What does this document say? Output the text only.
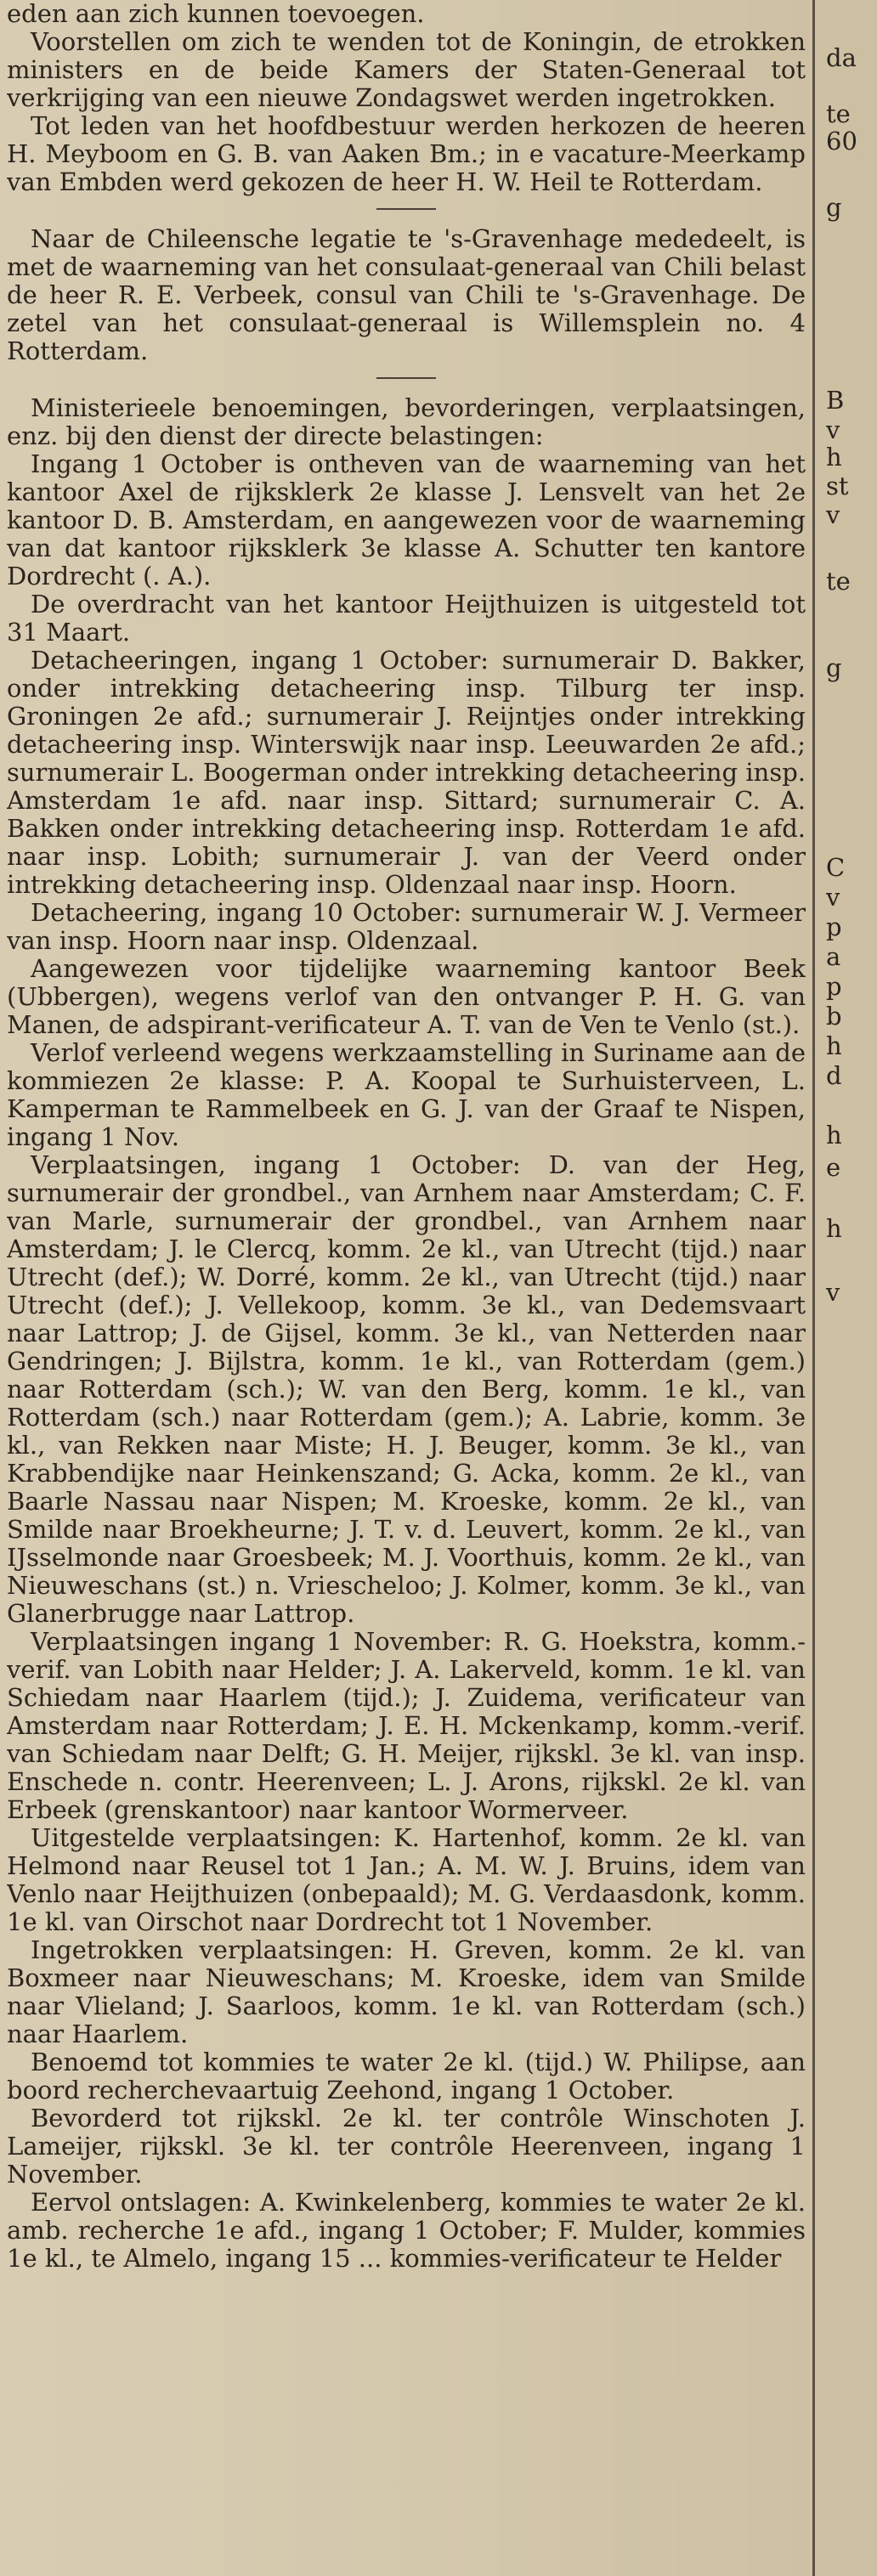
eden aan zich kunnen toevoegen.

Voorstellen om zich te wenden tot de Koningin, de etrokken ministers en de beide Kamers der Staten-Generaal tot verkrijging van een nieuwe Zondagswet werden ingetrokken.

Tot leden van het hoofdbestuur werden herkozen de heeren H. Meyboom en G. B. van Aaken Bm.; in e vacature-Meerkamp van Embden werd gekozen de heer H. W. Heil te Rotterdam.

Naar de Chileensche legatie te 's-Gravenhage mededeelt, is met de waarneming van het consulaat-generaal van Chili belast de heer R. E. Verbeek, consul van Chili te 's-Gravenhage. De zetel van het consulaat-generaal is Willemsplein no. 4 Rotterdam.

Ministerieele benoemingen, bevorderingen, verplaatsingen, enz. bij den dienst der directe belastingen:

Ingang 1 October is ontheven van de waarneming van het kantoor Axel de rijksklerk 2e klasse J. Lensvelt van het 2e kantoor D. B. Amsterdam, en aangewezen voor de waarneming van dat kantoor rijksklerk 3e klasse A. Schutter ten kantore Dordrecht (. A.).

De overdracht van het kantoor Heijthuizen is uitgesteld tot 31 Maart.

Detacheeringen, ingang 1 October: surnumerair D. Bakker, onder intrekking detacheering insp. Tilburg ter insp. Groningen 2e afd.; surnumerair J. Reijntjes onder intrekking detacheering insp. Winterswijk naar insp. Leeuwarden 2e afd.; surnumerair L. Boogerman onder intrekking detacheering insp. Amsterdam 1e afd. naar insp. Sittard; surnumerair C. A. Bakken onder intrekking detacheering insp. Rotterdam 1e afd. naar insp. Lobith; surnumerair J. van der Veerd onder intrekking detacheering insp. Oldenzaal naar insp. Hoorn.

Detacheering, ingang 10 October: surnumerair W. J. Vermeer van insp. Hoorn naar insp. Oldenzaal.

Aangewezen voor tijdelijke waarneming kantoor Beek (Ubbergen), wegens verlof van den ontvanger P. H. G. van Manen, de adspirant-verificateur A. T. van de Ven te Venlo (st.).

Verlof verleend wegens werkzaamstelling in Suriname aan de kommiezen 2e klasse: P. A. Koopal te Surhuisterveen, L. Kamperman te Rammelbeek en G. J. van der Graaf te Nispen, ingang 1 Nov.

Verplaatsingen, ingang 1 October: D. van der Heg, surnumerair der grondbel., van Arnhem naar Amsterdam; C. F. van Marle, surnumerair der grondbel., van Arnhem naar Amsterdam; J. le Clercq, komm. 2e kl., van Utrecht (tijd.) naar Utrecht (def.); W. Dorré, komm. 2e kl., van Utrecht (tijd.) naar Utrecht (def.); J. Vellekoop, komm. 3e kl., van Dedemsvaart naar Lattrop; J. de Gijsel, komm. 3e kl., van Netterden naar Gendringen; J. Bijlstra, komm. 1e kl., van Rotterdam (gem.) naar Rotterdam (sch.); W. van den Berg, komm. 1e kl., van Rotterdam (sch.) naar Rotterdam (gem.); A. Labrie, komm. 3e kl., van Rekken naar Miste; H. J. Beuger, komm. 3e kl., van Krabbendijke naar Heinkenszand; G. Acka, komm. 2e kl., van Baarle Nassau naar Nispen; M. Kroeske, komm. 2e kl., van Smilde naar Broekheurne; J. T. v. d. Leuvert, komm. 2e kl., van IJsselmonde naar Groesbeek; M. J. Voorthuis, komm. 2e kl., van Nieuweschans (st.) n. Vriescheloo; J. Kolmer, komm. 3e kl., van Glanerbrugge naar Lattrop.

Verplaatsingen ingang 1 November: R. G. Hoekstra, komm.-verif. van Lobith naar Helder; J. A. Lakerveld, komm. 1e kl. van Schiedam naar Haarlem (tijd.); J. Zuidema, verificateur van Amsterdam naar Rotterdam; J. E. H. Mckenkamp, komm.-verif. van Schiedam naar Delft; G. H. Meijer, rijkskl. 3e kl. van insp. Enschede n. contr. Heerenveen; L. J. Arons, rijkskl. 2e kl. van Erbeek (grenskantoor) naar kantoor Wormerveer.

Uitgestelde verplaatsingen: K. Hartenhof, komm. 2e kl. van Helmond naar Reusel tot 1 Jan.; A. M. W. J. Bruins, idem van Venlo naar Heijthuizen (onbepaald); M. G. Verdaasdonk, komm. 1e kl. van Oirschot naar Dordrecht tot 1 November.

Ingetrokken verplaatsingen: H. Greven, komm. 2e kl. van Boxmeer naar Nieuweschans; M. Kroeske, idem van Smilde naar Vlieland; J. Saarloos, komm. 1e kl. van Rotterdam (sch.) naar Haarlem.

Benoemd tot kommies te water 2e kl. (tijd.) W. Philipse, aan boord recherchevaartuig Zeehond, ingang 1 October.

Bevorderd tot rijkskl. 2e kl. ter contrôle Winschoten J. Lameijer, rijkskl. 3e kl. ter contrôle Heerenveen, ingang 1 November.

Eervol ontslagen: A. Kwinkelenberg, kommies te water 2e kl. amb. recherche 1e afd., ingang 1 October; F. Mulder, kommies 1e kl., te Almelo, ingang 15 ... kommies-verificateur te Helder

da

te

60

g

B

v

h

st

v

te

g

C

v

p

a

p

b

h

d

h

e

h

v
